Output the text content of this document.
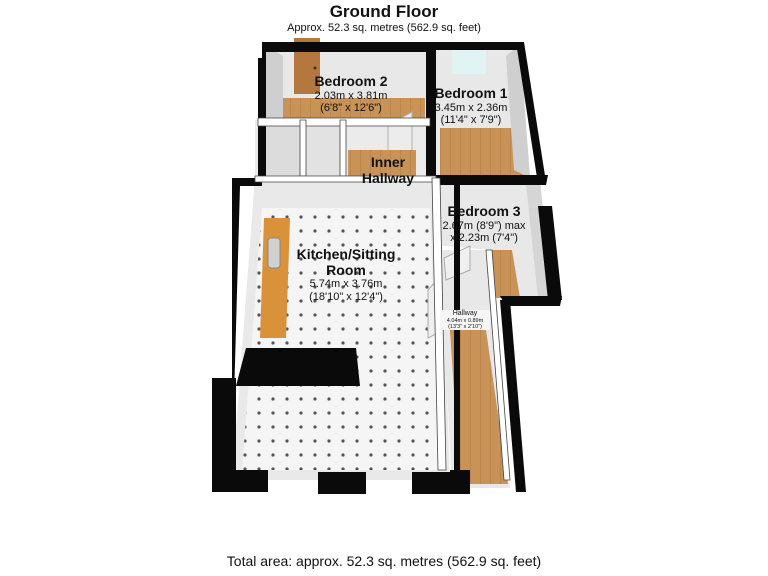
Ground Floor
Approx. 52.3 sq. metres (562.9 sq. feet)
Bedroom 2
2.03m x 3.81m
(6'8" x 12'6")
Bedroom 1
3.45m x 2.36m
(11'4" x 7'9")
Inner
Hallway
Bedroom 3
2.67m (8'9") max
x 2.23m (7'4")
Kitchen/Sitting
Room
5.74m x 3.76m
(18'10" x 12'4")
Hallway
4.04m x 0.89m
(13'3" x 2'10")
Total area: approx. 52.3 sq. metres (562.9 sq. feet)
